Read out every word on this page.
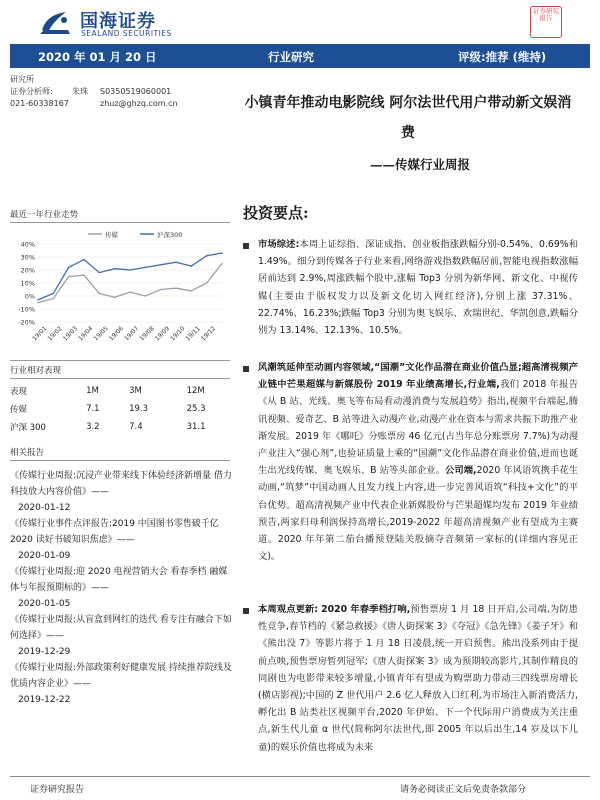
国海证券
SEALAND SECURITIES
证券研究报告
2020 年 01 月 20 日	行业研究	评级:推荐 (维持)
研究所
证券分析师: 朱珠 S0350519060001
021-60338167	zhuz@ghzq.com.cn	小镇青年推动电影院线 阿尔法世代用户带动新文娱消费
——传媒行业周报
最近一年行业走势
传媒	沪深300
40%
30%
20%
10%
0%
-10%
-20%
19/01
19/02
19/03
19/04
19/05
19/06
19/07
19/08
19/09
19/10
19/11
19/12
行业相对表现
表现	1M	3M	12M
传媒	7.1	19.3	25.3
沪深 300	3.2	7.4	31.1
相关报告
《传媒行业周报:沉浸产业带来线下体验经济新增量 借力科技放大内容价值》——
2020-01-12
《传媒行业事件点评报告:2019 中国图书零售破千亿 2020 读好书破知识焦虑》——
2020-01-09
《传媒行业周报:迎 2020 电视营销大会 看春季档 融媒体与年报预期标的》——
2020-01-05
《传媒行业周报:从盲盒到网红的迭代 看专注有融合下如何选择》——
2019-12-29
《传媒行业周报:外部政策利好健康发展 持续推荐院线及优质内容企业》——
2019-12-22
投资要点:
市场综述:本周上证综指、深证成指、创业板指涨跌幅分别-0.54%、0.69%和 1.49%。细分到传媒各子行业来看,网络游戏指数跌幅居前,智能电视指数涨幅居前达到 2.9%,周涨跌幅个股中,涨幅 Top3 分别为新华网、新文化、中视传媒(主要由于版权发力以及新文化切入网红经济),分别上涨 37.31%、22.74%、16.23%;跌幅 Top3 分别为奥飞娱乐、欢瑞世纪、华凯创意,跌幅分别为 13.14%、12.13%、10.5%。
风潮筑延伸至动画内容领域,“国潮”文化作品潜在商业价值凸显;超高清视频产业链中芒果超媒与新媒股份 2019 年业绩高增长,行业端,我们 2018 年报告《从 B 站、光线、奥飞等布局看动漫消费与发展趋势》指出,视频平台端起,腾讯视频、爱奇艺、B 站等进入动漫产业,动漫产业在资本与需求共振下助推产业渐发展。2019 年《哪吒》分账票房 46 亿元(占当年总分账票房 7.7%)为动漫产业注入“强心剂”,也验证质量上乘的“国潮”文化作品潜在商业价值,进而也诞生出光线传媒、奥飞娱乐、B 站等头部企业。公司端,2020 年风语筑携手花生动画,“筑梦”中国动画人且发力线上内容,进一步完善风语筑“科技+文化”的平台优势。超高清视频产业中代表企业新媒股份与芒果超媒均发布 2019 年业绩预告,两家归母利润保持高增长,2019-2022 年超高清视频产业有望成为主赛道。2020 年年第二茄台播预登陆关股摘夺音频第一家标的(详细内容见正文)。
本周观点更新: 2020 年春季档打响,预售票房 1 月 18 日开启,公司端,为防患性竞争,春节档的《紧急救援》《唐人街探案 3》《夺冠》《急先锋》《姜子牙》和《熊出没 7》等影片将于 1 月 18 日凌晨,统一开启预售。熊出没系列由于提前点映,预售票房暂列冠军;《唐人街探案 3》成为预期较高影片,其制作精良的同剧也为电影带来较多增量,小镇青年有望成为购票助力带动三四线票房增长(横店影视);中国的 Z 世代用户 2.6 亿人释放入口红利,为市场注入新消费活力,孵化出 B 站类社区视频平台,2020 年伊始、下一个代际用户消费成为关注重点,新生代儿童 α 世代(简称阿尔法世代,即 2005 年以后出生,14 岁及以下儿童)的娱乐价值也将成为未来
证券研究报告	请务必阅读正文后免责条款部分
